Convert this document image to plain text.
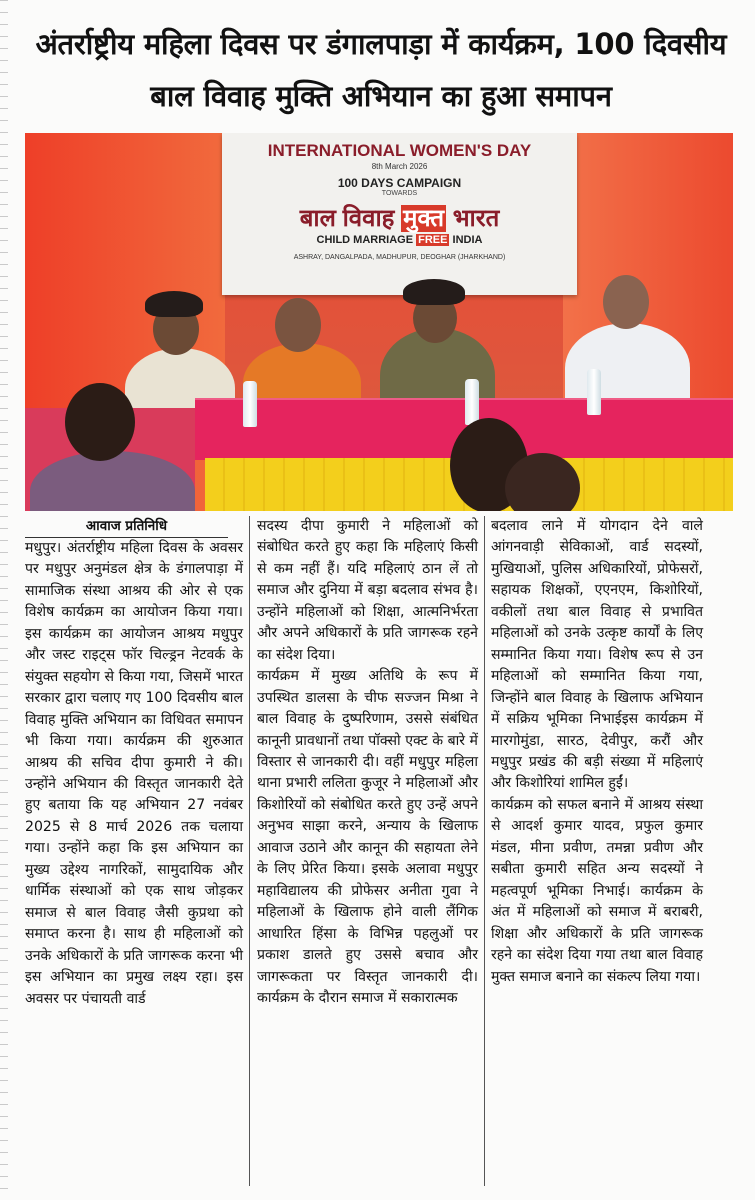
अंतर्राष्ट्रीय महिला दिवस पर डंगालपाड़ा में कार्यक्रम, 100 दिवसीय बाल विवाह मुक्ति अभियान का हुआ समापन
INTERNATIONAL WOMEN'S DAY
8th March 2026
100 DAYS CAMPAIGN
TOWARDS
बाल विवाह मुक्त भारत
CHILD MARRIAGE FREE INDIA
ASHRAY, DANGALPADA, MADHUPUR, DEOGHAR (JHARKHAND)
आवाज प्रतिनिधि

मधुपुर। अंतर्राष्ट्रीय महिला दिवस के अवसर पर मधुपुर अनुमंडल क्षेत्र के डंगालपाड़ा में सामाजिक संस्था आश्रय की ओर से एक विशेष कार्यक्रम का आयोजन किया गया। इस कार्यक्रम का आयोजन आश्रय मधुपुर और जस्ट राइट्स फॉर चिल्ड्रन नेटवर्क के संयुक्त सहयोग से किया गया, जिसमें भारत सरकार द्वारा चलाए गए 100 दिवसीय बाल विवाह मुक्ति अभियान का विधिवत समापन भी किया गया। कार्यक्रम की शुरुआत आश्रय की सचिव दीपा कुमारी ने की। उन्होंने अभियान की विस्तृत जानकारी देते हुए बताया कि यह अभियान 27 नवंबर 2025 से 8 मार्च 2026 तक चलाया गया। उन्होंने कहा कि इस अभियान का मुख्य उद्देश्य नागरिकों, सामुदायिक और धार्मिक संस्थाओं को एक साथ जोड़कर समाज से बाल विवाह जैसी कुप्रथा को समाप्त करना है। साथ ही महिलाओं को उनके अधिकारों के प्रति जागरूक करना भी इस अभियान का प्रमुख लक्ष्य रहा। इस अवसर पर पंचायती वार्ड

सदस्य दीपा कुमारी ने महिलाओं को संबोधित करते हुए कहा कि महिलाएं किसी से कम नहीं हैं। यदि महिलाएं ठान लें तो समाज और दुनिया में बड़ा बदलाव संभव है। उन्होंने महिलाओं को शिक्षा, आत्मनिर्भरता और अपने अधिकारों के प्रति जागरूक रहने का संदेश दिया।

कार्यक्रम में मुख्य अतिथि के रूप में उपस्थित डालसा के चीफ सज्जन मिश्रा ने बाल विवाह के दुष्परिणाम, उससे संबंधित कानूनी प्रावधानों तथा पॉक्सो एक्ट के बारे में विस्तार से जानकारी दी। वहीं मधुपुर महिला थाना प्रभारी ललिता कुजूर ने महिलाओं और किशोरियों को संबोधित करते हुए उन्हें अपने अनुभव साझा करने, अन्याय के खिलाफ आवाज उठाने और कानून की सहायता लेने के लिए प्रेरित किया। इसके अलावा मधुपुर महाविद्यालय की प्रोफेसर अनीता गुवा ने महिलाओं के खिलाफ होने वाली लैंगिक आधारित हिंसा के विभिन्न पहलुओं पर प्रकाश डालते हुए उससे बचाव और जागरूकता पर विस्तृत जानकारी दी। कार्यक्रम के दौरान समाज में सकारात्मक

बदलाव लाने में योगदान देने वाले आंगनवाड़ी सेविकाओं, वार्ड सदस्यों, मुखियाओं, पुलिस अधिकारियों, प्रोफेसरों, सहायक शिक्षकों, एएनएम, किशोरियों, वकीलों तथा बाल विवाह से प्रभावित महिलाओं को उनके उत्कृष्ट कार्यों के लिए सम्मानित किया गया। विशेष रूप से उन महिलाओं को सम्मानित किया गया, जिन्होंने बाल विवाह के खिलाफ अभियान में सक्रिय भूमिका निभाईइस कार्यक्रम में मारगोमुंडा, सारठ, देवीपुर, करौं और मधुपुर प्रखंड की बड़ी संख्या में महिलाएं और किशोरियां शामिल हुईं।

कार्यक्रम को सफल बनाने में आश्रय संस्था से आदर्श कुमार यादव, प्रफुल कुमार मंडल, मीना प्रवीण, तमन्ना प्रवीण और सबीता कुमारी सहित अन्य सदस्यों ने महत्वपूर्ण भूमिका निभाई। कार्यक्रम के अंत में महिलाओं को समाज में बराबरी, शिक्षा और अधिकारों के प्रति जागरूक रहने का संदेश दिया गया तथा बाल विवाह मुक्त समाज बनाने का संकल्प लिया गया।
